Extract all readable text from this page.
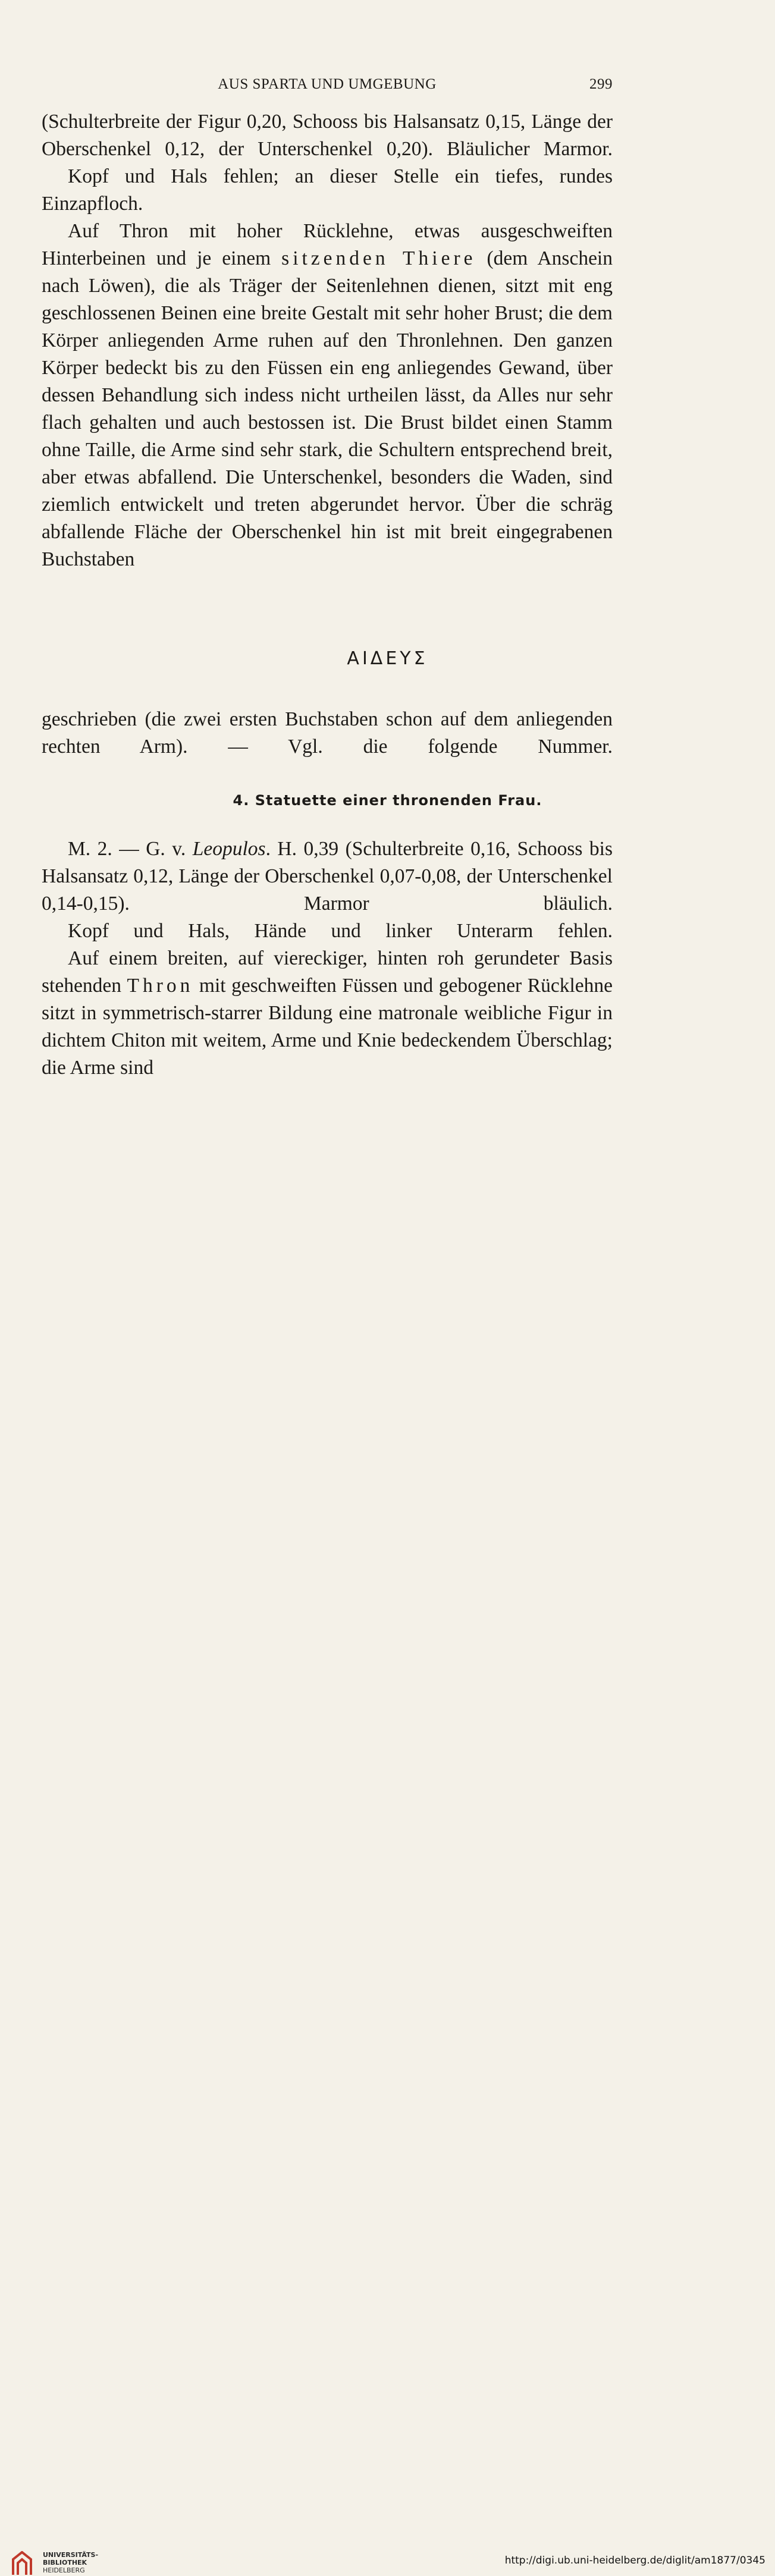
AUS SPARTA UND UMGEBUNG	299

(Schulterbreite der Figur 0,20, Schooss bis Halsansatz 0,15, Länge der Oberschenkel 0,12, der Unterschenkel 0,20). Bläulicher Marmor.

Kopf und Hals fehlen; an dieser Stelle ein tiefes, rundes Einzapfloch.

Auf Thron mit hoher Rücklehne, etwas ausgeschweiften Hinterbeinen und je einem sitzenden Thiere (dem Anschein nach Löwen), die als Träger der Seitenlehnen dienen, sitzt mit eng geschlossenen Beinen eine breite Gestalt mit sehr hoher Brust; die dem Körper anliegenden Arme ruhen auf den Thronlehnen. Den ganzen Körper bedeckt bis zu den Füssen ein eng anliegendes Gewand, über dessen Behandlung sich indess nicht urtheilen lässt, da Alles nur sehr flach gehalten und auch bestossen ist. Die Brust bildet einen Stamm ohne Taille, die Arme sind sehr stark, die Schultern entsprechend breit, aber etwas abfallend. Die Unterschenkel, besonders die Waden, sind ziemlich entwickelt und treten abgerundet hervor. Über die schräg abfallende Fläche der Oberschenkel hin ist mit breit eingegrabenen Buchstaben

ΑΙΔΕΥΣ

geschrieben (die zwei ersten Buchstaben schon auf dem anliegenden rechten Arm). — Vgl. die folgende Nummer.

4. Statuette einer thronenden Frau.

M. 2. — G. v. Leopulos. H. 0,39 (Schulterbreite 0,16, Schooss bis Halsansatz 0,12, Länge der Oberschenkel 0,07-0,08, der Unterschenkel 0,14-0,15). Marmor bläulich.

Kopf und Hals, Hände und linker Unterarm fehlen.

Auf einem breiten, auf viereckiger, hinten roh gerundeter Basis stehenden Thron mit geschweiften Füssen und gebogener Rücklehne sitzt in symmetrisch-starrer Bildung eine matronale weibliche Figur in dichtem Chiton mit weitem, Arme und Knie bedeckendem Überschlag; die Arme sind

UNIVERSITÄTS-
BIBLIOTHEK
HEIDELBERG
http://digi.ub.uni-heidelberg.de/diglit/am1877/0345
